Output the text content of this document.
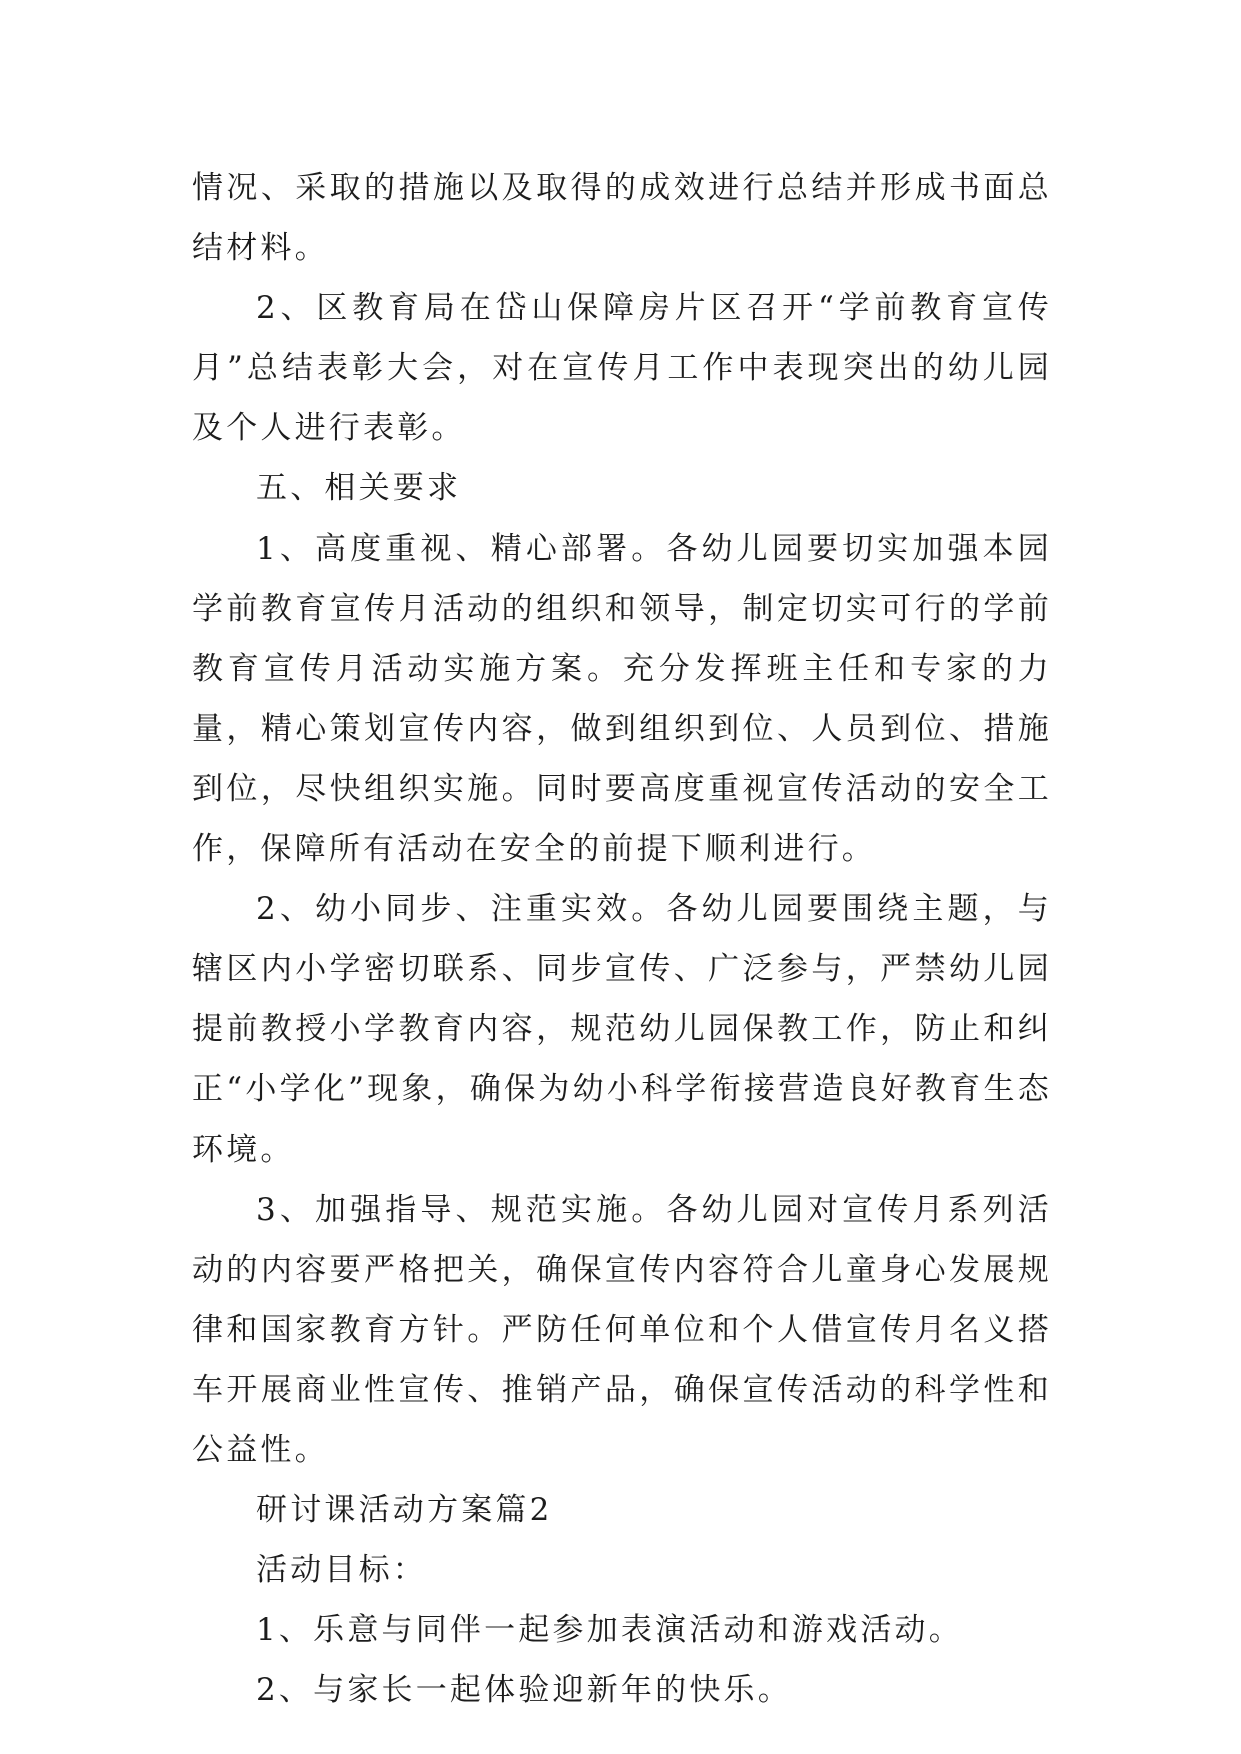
情况、采取的措施以及取得的成效进行总结并形成书面总结材料。

2、区教育局在岱山保障房片区召开“学前教育宣传月”总结表彰大会，对在宣传月工作中表现突出的幼儿园及个人进行表彰。

五、相关要求

1、高度重视、精心部署。各幼儿园要切实加强本园学前教育宣传月活动的组织和领导，制定切实可行的学前教育宣传月活动实施方案。充分发挥班主任和专家的力量，精心策划宣传内容，做到组织到位、人员到位、措施到位，尽快组织实施。同时要高度重视宣传活动的安全工作，保障所有活动在安全的前提下顺利进行。

2、幼小同步、注重实效。各幼儿园要围绕主题，与辖区内小学密切联系、同步宣传、广泛参与，严禁幼儿园提前教授小学教育内容，规范幼儿园保教工作，防止和纠正“小学化”现象，确保为幼小科学衔接营造良好教育生态环境。

3、加强指导、规范实施。各幼儿园对宣传月系列活动的内容要严格把关，确保宣传内容符合儿童身心发展规律和国家教育方针。严防任何单位和个人借宣传月名义搭车开展商业性宣传、推销产品，确保宣传活动的科学性和公益性。

研讨课活动方案篇2

活动目标：

1、乐意与同伴一起参加表演活动和游戏活动。

2、与家长一起体验迎新年的快乐。
